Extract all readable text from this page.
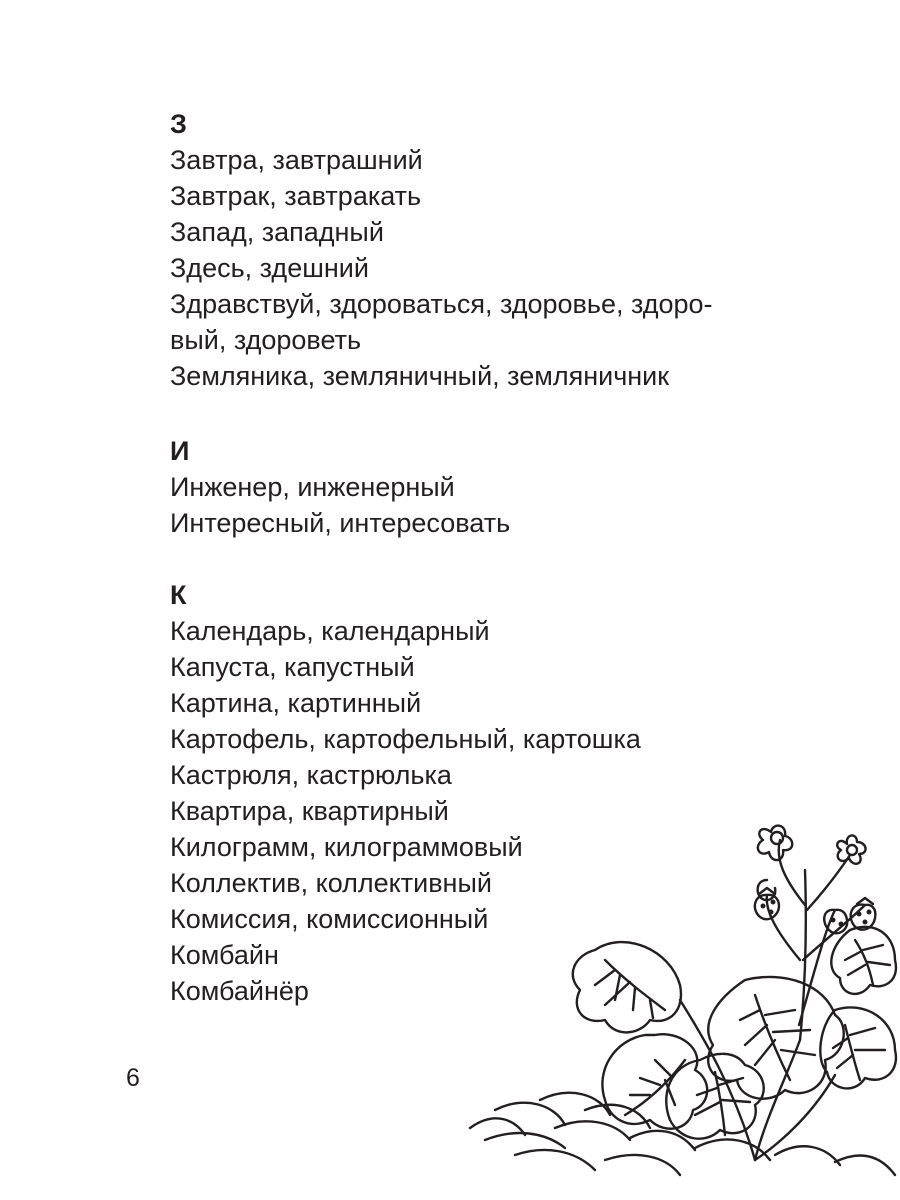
З
Завтра, завтрашний
Завтрак, завтракать
Запад, западный
Здесь, здешний
Здравствуй, здороваться, здоровье, здоро-
вый, здороветь
Земляника, земляничный, земляничник
И
Инженер, инженерный
Интересный, интересовать
К
Календарь, календарный
Капуста, капустный
Картина, картинный
Картофель, картофельный, картошка
Кастрюля, кастрюлька
Квартира, квартирный
Килограмм, килограммовый
Коллектив, коллективный
Комиссия, комиссионный
Комбайн
Комбайнёр
6
